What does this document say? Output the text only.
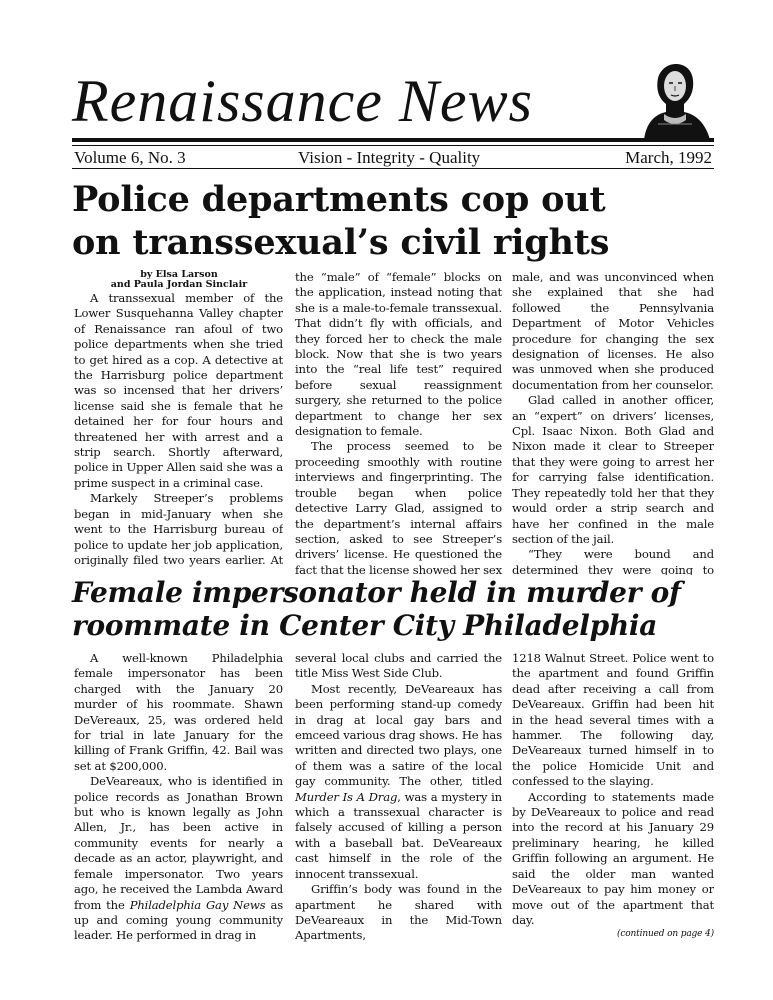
Renaissance News
Volume 6, No. 3	Vision - Integrity - Quality	March, 1992
Police departments cop out
on transsexual’s civil rights
by Elsa Larson
and Paula Jordan Sinclair

A transsexual member of the Lower Susquehanna Valley chapter of Renaissance ran afoul of two police departments when she tried to get hired as a cop. A detective at the Harrisburg police department was so incensed that her drivers’ license said she is female that he detained her for four hours and threatened her with arrest and a strip search. Shortly afterward, police in Upper Allen said she was a prime suspect in a criminal case.

Markely Streeper’s problems began in mid-January when she went to the Harrisburg bureau of police to update her job application, originally filed two years earlier. At

the “male” of “female” blocks on the application, instead noting that she is a male-to-female transsexual. That didn’t fly with officials, and they forced her to check the male block. Now that she is two years into the “real life test” required before sexual reassignment surgery, she returned to the police department to change her sex designation to female.

The process seemed to be proceeding smoothly with routine interviews and fingerprinting. The trouble began when police detective Larry Glad, assigned to the department’s internal affairs section, asked to see Streeper’s drivers’ license. He questioned the fact that the license showed her sex

male, and was unconvinced when she explained that she had followed the Pennsylvania Department of Motor Vehicles procedure for changing the sex designation of licenses. He also was unmoved when she produced documentation from her counselor.

Glad called in another officer, an “expert” on drivers’ licenses, Cpl. Isaac Nixon. Both Glad and Nixon made it clear to Streeper that they were going to arrest her for carrying false identification. They repeatedly told her that they would order a strip search and have her confined in the male section of the jail.

“They were bound and determined they were going to

Female impersonator held in murder of
roommate in Center City Philadelphia

A well-known Philadelphia female impersonator has been charged with the January 20 murder of his roommate. Shawn DeVereaux, 25, was ordered held for trial in late January for the killing of Frank Griffin, 42. Bail was set at $200,000.

DeVeareaux, who is identified in police records as Jonathan Brown but who is known legally as John Allen, Jr., has been active in community events for nearly a decade as an actor, playwright, and female impersonator. Two years ago, he received the Lambda Award from the Philadelphia Gay News as up and coming young community leader. He performed in drag in

several local clubs and carried the title Miss West Side Club.

Most recently, DeVeareaux has been performing stand-up comedy in drag at local gay bars and emceed various drag shows. He has written and directed two plays, one of them was a satire of the local gay community. The other, titled Murder Is A Drag, was a mystery in which a transsexual character is falsely accused of killing a person with a baseball bat. DeVeareaux cast himself in the role of the innocent transsexual.

Griffin’s body was found in the apartment he shared with DeVeareaux in the Mid-Town Apartments,

1218 Walnut Street. Police went to the apartment and found Griffin dead after receiving a call from DeVeareaux. Griffin had been hit in the head several times with a hammer. The following day, DeVeareaux turned himself in to the police Homicide Unit and confessed to the slaying.

According to statements made by DeVeareaux to police and read into the record at his January 29 preliminary hearing, he killed Griffin following an argument. He said the older man wanted DeVeareaux to pay him money or move out of the apartment that day.

(continued on page 4)
